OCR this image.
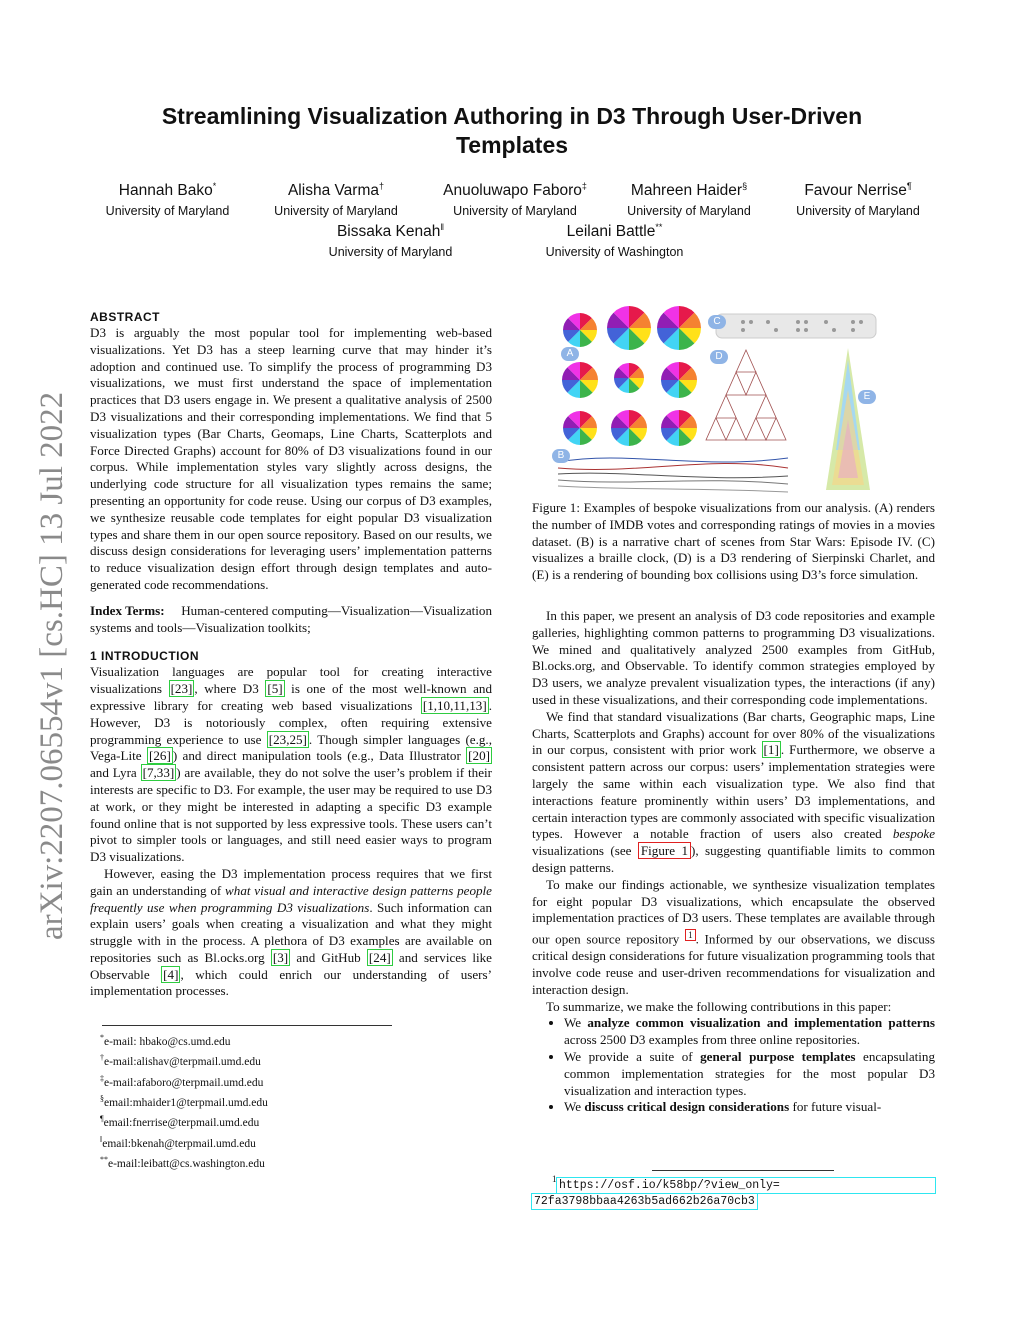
Streamlining Visualization Authoring in D3 Through User-Driven
Templates
Hannah Bako*
University of Maryland
Alisha Varma†
University of Maryland
Anuoluwapo Faboro‡
University of Maryland
Mahreen Haider§
University of Maryland
Favour Nerrise¶
University of Maryland
Bissaka Kenah‖
University of Maryland
Leilani Battle**
University of Washington
arXiv:2207.06554v1 [cs.HC] 13 Jul 2022

ABSTRACT

D3 is arguably the most popular tool for implementing web-based visualizations. Yet D3 has a steep learning curve that may hinder it’s adoption and continued use. To simplify the process of programming D3 visualizations, we must first understand the space of implementation practices that D3 users engage in. We present a qualitative analysis of 2500 D3 visualizations and their corresponding implementations. We find that 5 visualization types (Bar Charts, Geomaps, Line Charts, Scatterplots and Force Directed Graphs) account for 80% of D3 visualizations found in our corpus. While implementation styles vary slightly across designs, the underlying code structure for all visualization types remains the same; presenting an opportunity for code reuse. Using our corpus of D3 examples, we synthesize reusable code templates for eight popular D3 visualization types and share them in our open source repository. Based on our results, we discuss design considerations for leveraging users’ implementation patterns to reduce visualization design effort through design templates and auto-generated code recommendations.

Index Terms: Human-centered computing—Visualization—Visualization systems and tools—Visualization toolkits;

1 INTRODUCTION

Visualization languages are popular tool for creating interactive visualizations [23] , where D3 [5] is one of the most well-known and expressive library for creating web based visualizations [1,10,11,13] . However, D3 is notoriously complex, often requiring extensive programming experience to use [23,25] . Though simpler languages (e.g., Vega-Lite [26] ) and direct manipulation tools (e.g., Data Illustrator [20] and Lyra [7,33] ) are available, they do not solve the user’s problem if their interests are specific to D3. For example, the user may be required to use D3 at work, or they might be interested in adapting a specific D3 example found online that is not supported by less expressive tools. These users can’t pivot to simpler tools or languages, and still need easier ways to program D3 visualizations.

However, easing the D3 implementation process requires that we first gain an understanding of what visual and interactive design patterns people frequently use when programming D3 visualizations. Such information can explain users’ goals when creating a visualization and what they might struggle with in the process. A plethora of D3 examples are available on repositories such as Bl.ocks.org [3] and GitHub [24] and services like Observable [4] , which could enrich our understanding of users’ implementation processes.

*e-mail: hbako@cs.umd.edu
†e-mail:alishav@terpmail.umd.edu
‡e-mail:afaboro@terpmail.umd.edu
§email:mhaider1@terpmail.umd.edu
¶email:fnerrise@terpmail.umd.edu
‖email:bkenah@terpmail.umd.edu
**e-mail:leibatt@cs.washington.edu
C
A	D
E
B

Figure 1: Examples of bespoke visualizations from our analysis. (A) renders the number of IMDB votes and corresponding ratings of movies in a movies dataset. (B) is a narrative chart of scenes from Star Wars: Episode IV. (C) visualizes a braille clock, (D) is a D3 rendering of Sierpinski Charlet, and (E) is a rendering of bounding box collisions using D3’s force simulation.

In this paper, we present an analysis of D3 code repositories and example galleries, highlighting common patterns to programming D3 visualizations. We mined and qualitatively analyzed 2500 examples from GitHub, Bl.ocks.org, and Observable. To identify common strategies employed by D3 users, we analyze prevalent visualization types, the interactions (if any) used in these visualizations, and their corresponding code implementations.

We find that standard visualizations (Bar charts, Geographic maps, Line Charts, Scatterplots and Graphs) account for over 80% of the visualizations in our corpus, consistent with prior work [1] . Furthermore, we observe a consistent pattern across our corpus: users’ implementation strategies were largely the same within each visualization type. We also find that interactions feature prominently within users’ D3 implementations, and certain interaction types are commonly associated with specific visualization types. However a notable fraction of users also created bespoke visualizations (see Figure 1 ), suggesting quantifiable limits to common design patterns.

To make our findings actionable, we synthesize visualization templates for eight popular D3 visualizations, which encapsulate the observed implementation practices of D3 users. These templates are available through our open source repository $^1$ . Informed by our observations, we discuss critical design considerations for future visualization programming tools that involve code reuse and user-driven recommendations for visualization and interaction design.

To summarize, we make the following contributions in this paper:

• We analyze common visualization and implementation patterns across 2500 D3 examples from three online repositories.
• We provide a suite of general purpose templates encapsulating common implementation strategies for the most popular D3 visualization and interaction types.
• We discuss critical design considerations for future visual-
1 https://osf.io/k58bp/?view_only=
72fa3798bbaa4263b5ad662b26a70cb3
